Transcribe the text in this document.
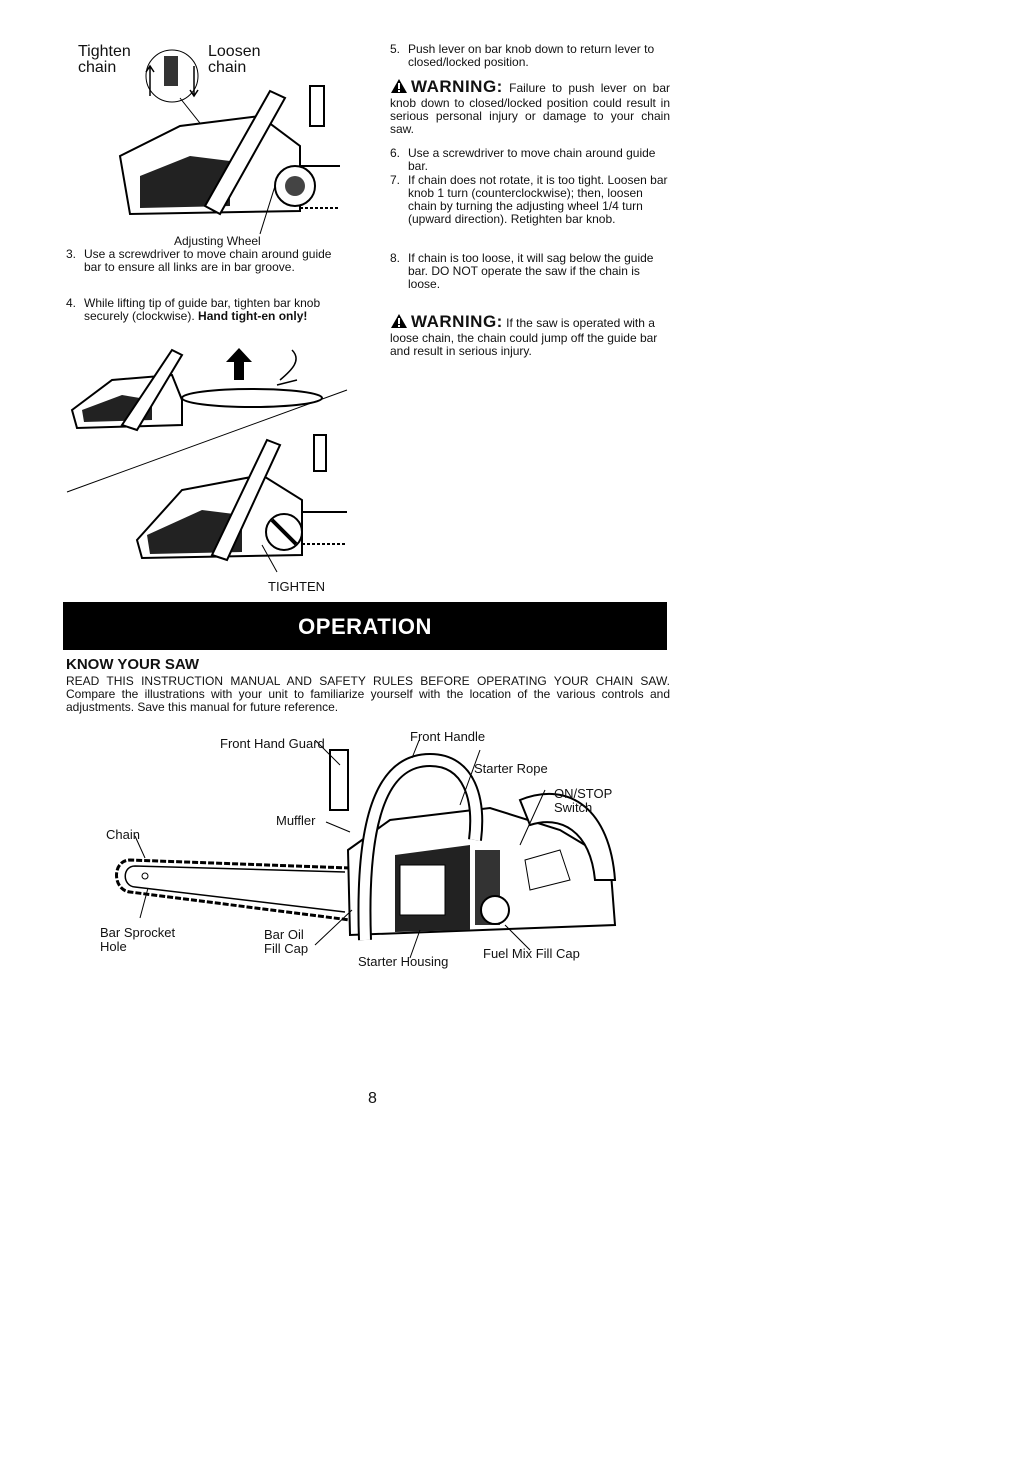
Tighten
chain
Loosen
chain
Adjusting Wheel
3. Use a screwdriver to move chain around guide bar to ensure all links are in bar groove.
4. While lifting tip of guide bar, tighten bar knob securely (clockwise). Hand tight-en only!
TIGHTEN
5. Push lever on bar knob down to return lever to closed/locked position.
WARNING: Failure to push lever on bar knob down to closed/locked position could result in serious personal injury or damage to your chain saw.
6. Use a screwdriver to move chain around guide bar.
7. If chain does not rotate, it is too tight. Loosen bar knob 1 turn (counterclockwise); then, loosen chain by turning the adjusting wheel 1/4 turn (upward direction). Retighten bar knob.
8. If chain is too loose, it will sag below the guide bar. DO NOT operate the saw if the chain is loose.
WARNING: If the saw is operated with a loose chain, the chain could jump off the guide bar and result in serious injury.
OPERATION
KNOW YOUR SAW
READ THIS INSTRUCTION MANUAL AND SAFETY RULES BEFORE OPERATING YOUR CHAIN SAW. Compare the illustrations with your unit to familiarize yourself with the location of the various controls and adjustments. Save this manual for future reference.
Front Hand Guard	Front Handle
Starter Rope
ON/STOP
Switch
Muffler
Chain
Bar Sprocket
Hole
Bar Oil
Fill Cap
Starter Housing
Fuel Mix Fill Cap
8
